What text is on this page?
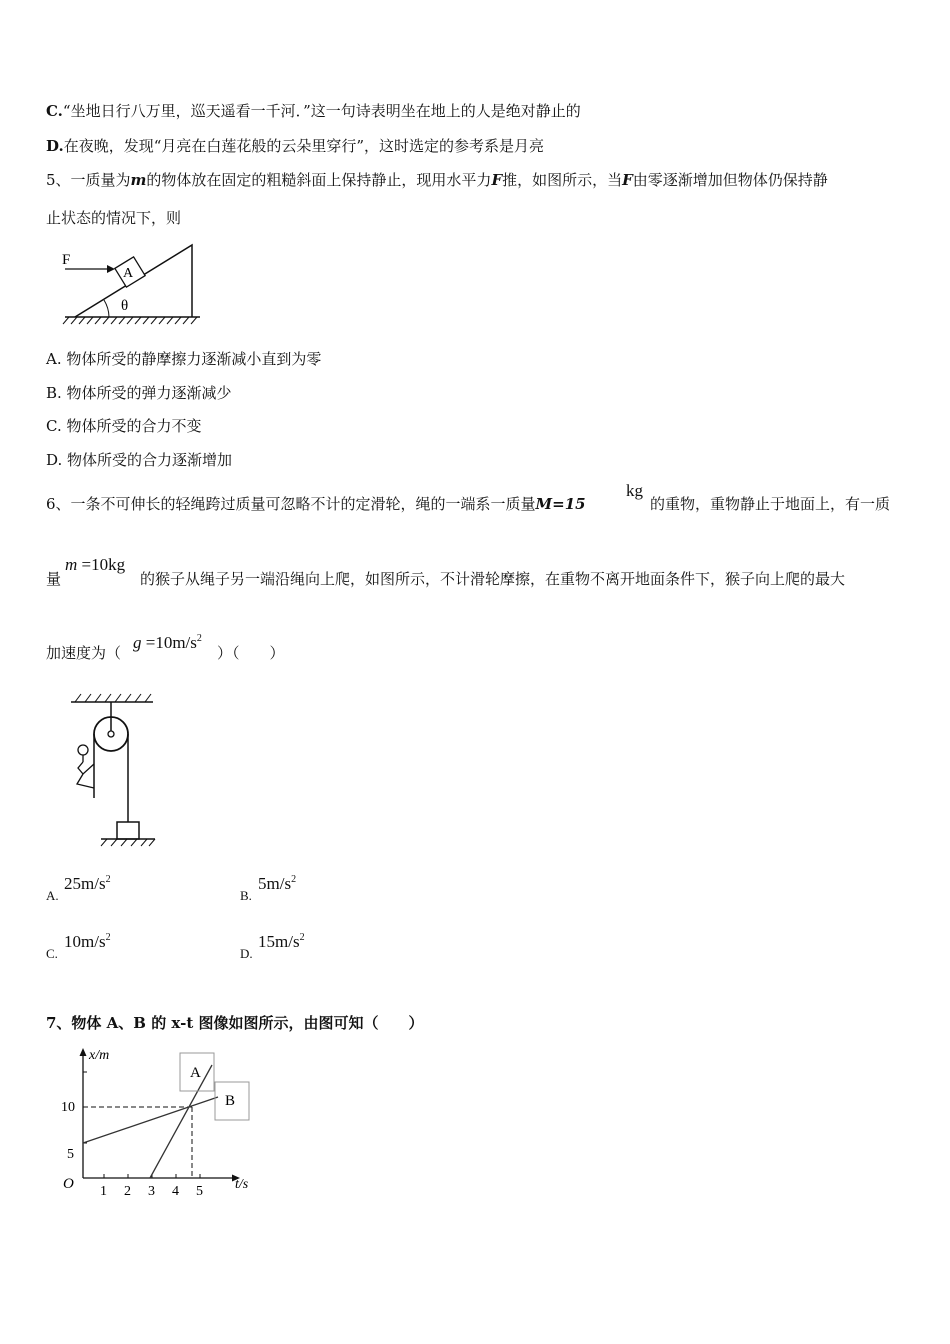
C.“坐地日行八万里，巡天遥看一千河．”这一句诗表明坐在地上的人是绝对静止的
D.在夜晚，发现“月亮在白莲花般的云朵里穿行”，这时选定的参考系是月亮
5、一质量为m的物体放在固定的粗糙斜面上保持静止，现用水平力F推，如图所示，当F由零逐渐增加但物体仍保持静
止状态的情况下，则
θ
A
F
A. 物体所受的静摩擦力逐渐减小直到为零
B. 物体所受的弹力逐渐减少
C. 物体所受的合力不变
D. 物体所受的合力逐渐增加
6、一条不可伸长的轻绳跨过质量可忽略不计的定滑轮，绳的一端系一质量M=15
kg
的重物，重物静止于地面上，有一质
量
m =10kg
的猴子从绳子另一端沿绳向上爬，如图所示，不计滑轮摩擦，在重物不离开地面条件下，猴子向上爬的最大
加速度为（
$g =10m/s^2$
）（　　）
A.
$25m/s^2$
B.
$5m/s^2$
C.
$10m/s^2$
D.
$15m/s^2$
7、物体 A、B 的 x-t 图像如图所示，由图可知（　　）
x/m
t/s
O 1 2 3 4 5
5
10
A
B
